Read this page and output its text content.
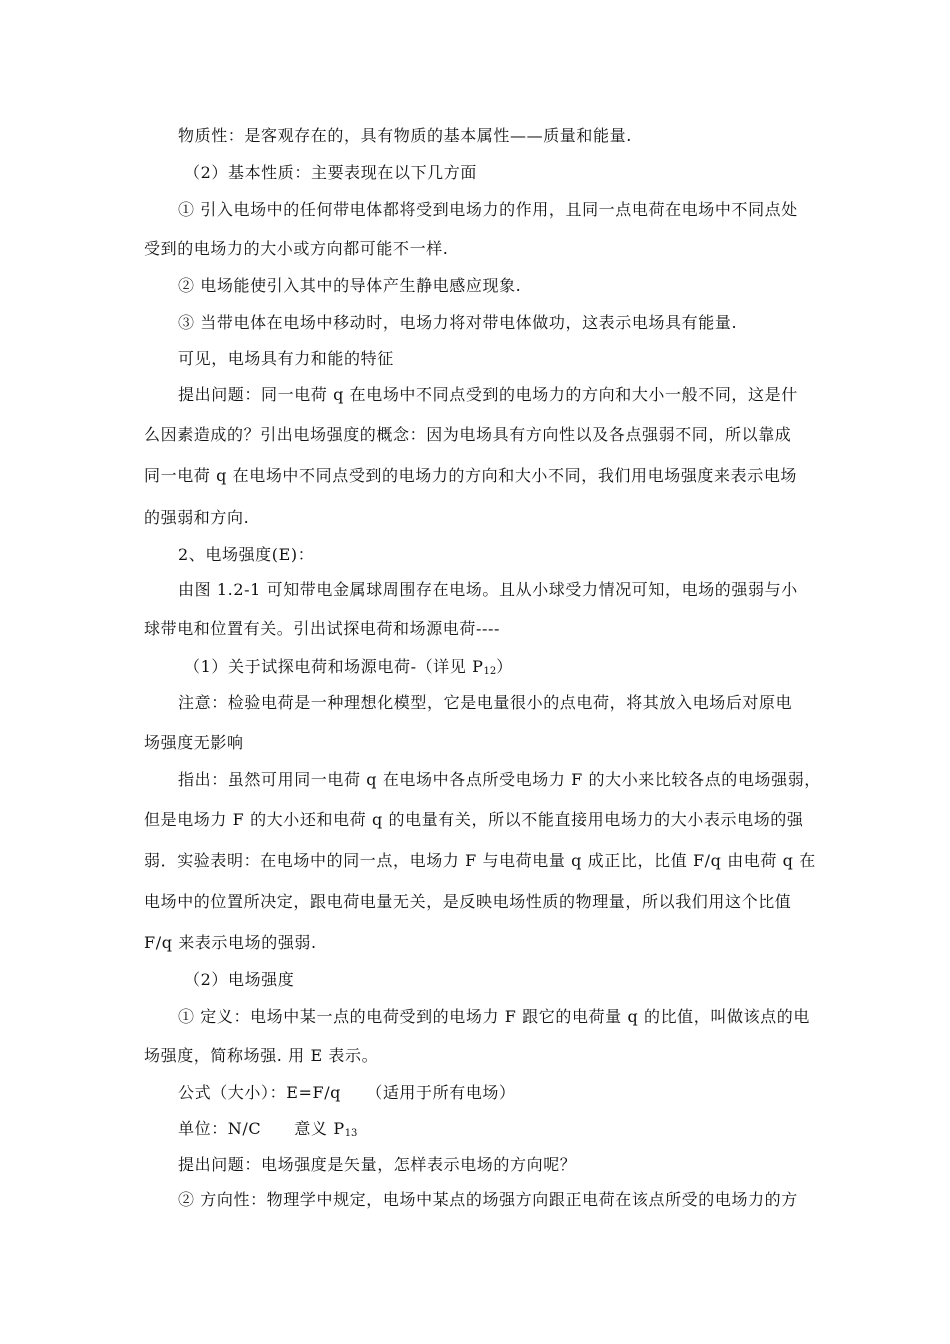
物质性：是客观存在的，具有物质的基本属性——质量和能量.
（2）基本性质：主要表现在以下几方面
① 引入电场中的任何带电体都将受到电场力的作用，且同一点电荷在电场中不同点处
受到的电场力的大小或方向都可能不一样.
② 电场能使引入其中的导体产生静电感应现象.
③ 当带电体在电场中移动时，电场力将对带电体做功，这表示电场具有能量.
可见，电场具有力和能的特征
提出问题：同一电荷 q 在电场中不同点受到的电场力的方向和大小一般不同，这是什
么因素造成的？引出电场强度的概念：因为电场具有方向性以及各点强弱不同，所以靠成
同一电荷 q 在电场中不同点受到的电场力的方向和大小不同，我们用电场强度来表示电场
的强弱和方向.
2、电场强度(E)：
由图 1.2-1 可知带电金属球周围存在电场。且从小球受力情况可知，电场的强弱与小
球带电和位置有关。引出试探电荷和场源电荷----
（1）关于试探电荷和场源电荷-（详见 $P_{12}$）
注意：检验电荷是一种理想化模型，它是电量很小的点电荷，将其放入电场后对原电
场强度无影响
指出：虽然可用同一电荷 q 在电场中各点所受电场力 F 的大小来比较各点的电场强弱，
但是电场力 F 的大小还和电荷 q 的电量有关，所以不能直接用电场力的大小表示电场的强
弱．实验表明：在电场中的同一点，电场力 F 与电荷电量 q 成正比，比值 F/q 由电荷 q 在
电场中的位置所决定，跟电荷电量无关，是反映电场性质的物理量，所以我们用这个比值
F/q 来表示电场的强弱.
（2）电场强度
① 定义：电场中某一点的电荷受到的电场力 F 跟它的电荷量 q 的比值，叫做该点的电
场强度，简称场强. 用 E 表示。
公式（大小）：E=F/q　　（适用于所有电场）
单位：N/C　　意义 $P_{13}$
提出问题：电场强度是矢量，怎样表示电场的方向呢？
② 方向性：物理学中规定，电场中某点的场强方向跟正电荷在该点所受的电场力的方
